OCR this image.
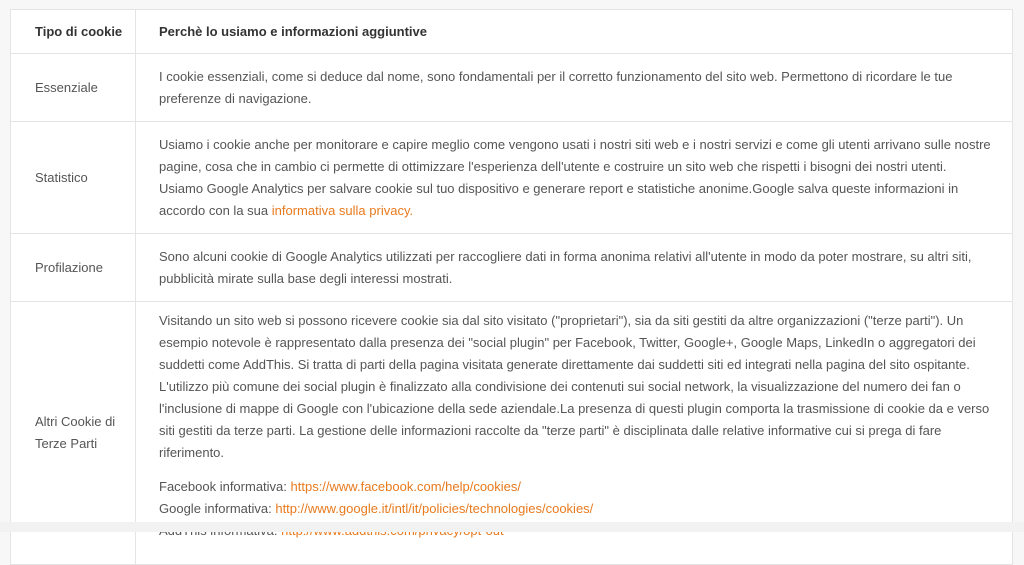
Tipo di cookie	Perchè lo usiamo e informazioni aggiuntive
Essenziale	I cookie essenziali, come si deduce dal nome, sono fondamentali per il corretto funzionamento del sito web. Permettono di ricordare le tue preferenze di navigazione.
Statistico	Usiamo i cookie anche per monitorare e capire meglio come vengono usati i nostri siti web e i nostri servizi e come gli utenti arrivano sulle nostre pagine, cosa che in cambio ci permette di ottimizzare l'esperienza dell'utente e costruire un sito web che rispetti i bisogni dei nostri utenti. Usiamo Google Analytics per salvare cookie sul tuo dispositivo e generare report e statistiche anonime.Google salva queste informazioni in accordo con la sua informativa sulla privacy.
Profilazione	Sono alcuni cookie di Google Analytics utilizzati per raccogliere dati in forma anonima relativi all'utente in modo da poter mostrare, su altri siti, pubblicità mirate sulla base degli interessi mostrati.
Altri Cookie di Terze Parti	Visitando un sito web si possono ricevere cookie sia dal sito visitato ("proprietari"), sia da siti gestiti da altre organizzazioni ("terze parti"). Un esempio notevole è rappresentato dalla presenza dei "social plugin" per Facebook, Twitter, Google+, Google Maps, LinkedIn o aggregatori dei suddetti come AddThis. Si tratta di parti della pagina visitata generate direttamente dai suddetti siti ed integrati nella pagina del sito ospitante. L'utilizzo più comune dei social plugin è finalizzato alla condivisione dei contenuti sui social network, la visualizzazione del numero dei fan o l'inclusione di mappe di Google con l'ubicazione della sede aziendale.La presenza di questi plugin comporta la trasmissione di cookie da e verso siti gestiti da terze parti. La gestione delle informazioni raccolte da "terze parti" è disciplinata dalle relative informative cui si prega di fare riferimento.

Facebook informativa: https://www.facebook.com/help/cookies/
Google informativa: http://www.google.it/intl/it/policies/technologies/cookies/
